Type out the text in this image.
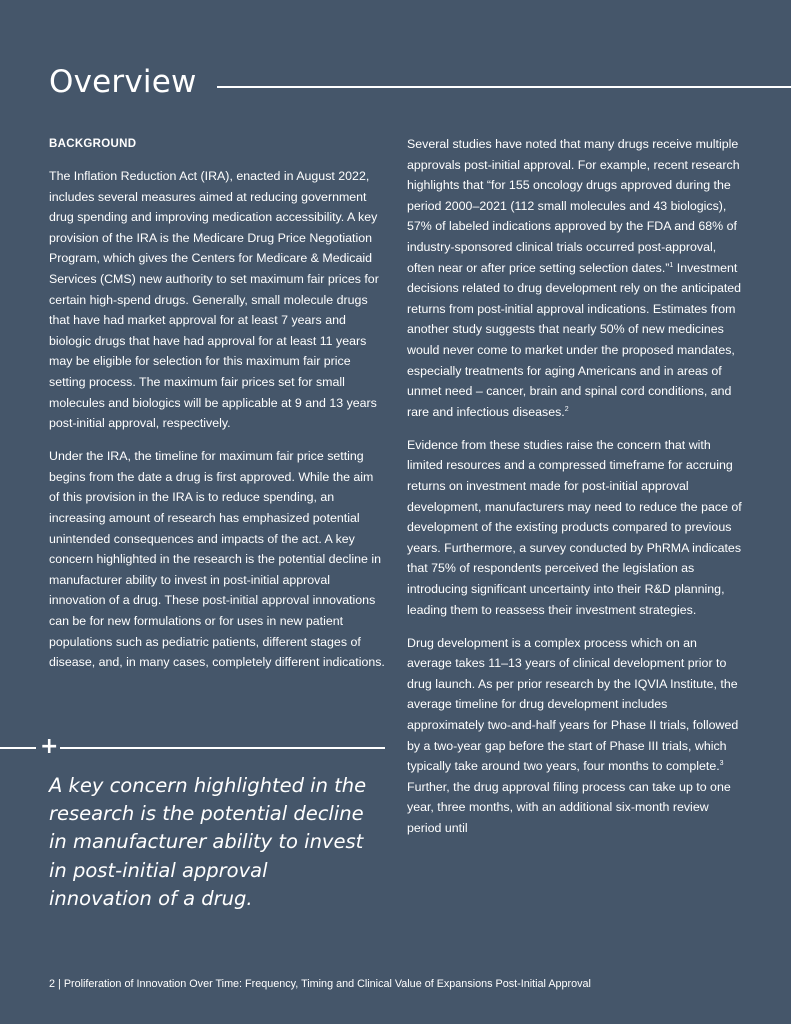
Overview
BACKGROUND

The Inflation Reduction Act (IRA), enacted in August 2022, includes several measures aimed at reducing government drug spending and improving medication accessibility. A key provision of the IRA is the Medicare Drug Price Negotiation Program, which gives the Centers for Medicare & Medicaid Services (CMS) new authority to set maximum fair prices for certain high-spend drugs. Generally, small molecule drugs that have had market approval for at least 7 years and biologic drugs that have had approval for at least 11 years may be eligible for selection for this maximum fair price setting process. The maximum fair prices set for small molecules and biologics will be applicable at 9 and 13 years post-initial approval, respectively.

Under the IRA, the timeline for maximum fair price setting begins from the date a drug is first approved. While the aim of this provision in the IRA is to reduce spending, an increasing amount of research has emphasized potential unintended consequences and impacts of the act. A key concern highlighted in the research is the potential decline in manufacturer ability to invest in post-initial approval innovation of a drug. These post-initial approval innovations can be for new formulations or for uses in new patient populations such as pediatric patients, different stages of disease, and, in many cases, completely different indications.

+

A key concern highlighted in the research is the potential decline in manufacturer ability to invest in post-initial approval innovation of a drug.

Several studies have noted that many drugs receive multiple approvals post-initial approval. For example, recent research highlights that “for 155 oncology drugs approved during the period 2000–2021 (112 small molecules and 43 biologics), 57% of labeled indications approved by the FDA and 68% of industry-sponsored clinical trials occurred post-approval, often near or after price setting selection dates.”$^1$ Investment decisions related to drug development rely on the anticipated returns from post-initial approval indications. Estimates from another study suggests that nearly 50% of new medicines would never come to market under the proposed mandates, especially treatments for aging Americans and in areas of unmet need – cancer, brain and spinal cord conditions, and rare and infectious diseases.$^2$

Evidence from these studies raise the concern that with limited resources and a compressed timeframe for accruing returns on investment made for post-initial approval development, manufacturers may need to reduce the pace of development of the existing products compared to previous years. Furthermore, a survey conducted by PhRMA indicates that 75% of respondents perceived the legislation as introducing significant uncertainty into their R&D planning, leading them to reassess their investment strategies.

Drug development is a complex process which on an average takes 11–13 years of clinical development prior to drug launch. As per prior research by the IQVIA Institute, the average timeline for drug development includes approximately two-and-half years for Phase II trials, followed by a two-year gap before the start of Phase III trials, which typically take around two years, four months to complete.$^3$ Further, the drug approval filing process can take up to one year, three months, with an additional six-month review period until

2 | Proliferation of Innovation Over Time: Frequency, Timing and Clinical Value of Expansions Post-Initial Approval
